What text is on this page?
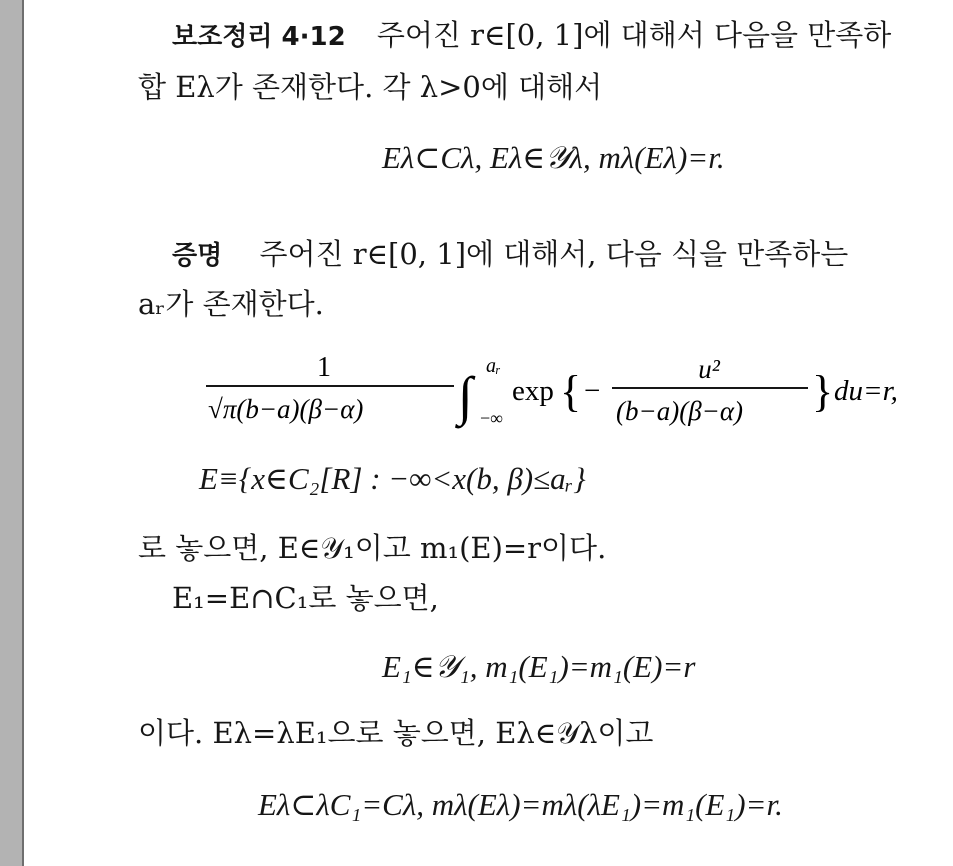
보조정리 4·12 주어진 r∈[0, 1]에 대해서 다음을 만족하
합 Eλ가 존재한다. 각 λ>0에 대해서
Eλ⊂Cλ, Eλ∈𝒴λ, mλ(Eλ)=r.
증명 주어진 r∈[0, 1]에 대해서, 다음 식을 만족하는
aᵣ가 존재한다.
1
√π(b−a)(β−α) ∫ aᵣ
−∞
exp { −
u²
(b−a)(β−α) } du=r,
E≡{x∈C₂[R] : −∞<x(b, β)≤aᵣ}
로 놓으면, E∈𝒴₁이고 m₁(E)=r이다.
E₁=E∩C₁로 놓으면,
E₁∈𝒴₁, m₁(E₁)=m₁(E)=r
이다. Eλ=λE₁으로 놓으면, Eλ∈𝒴λ이고
Eλ⊂λC₁=Cλ, mλ(Eλ)=mλ(λE₁)=m₁(E₁)=r.
